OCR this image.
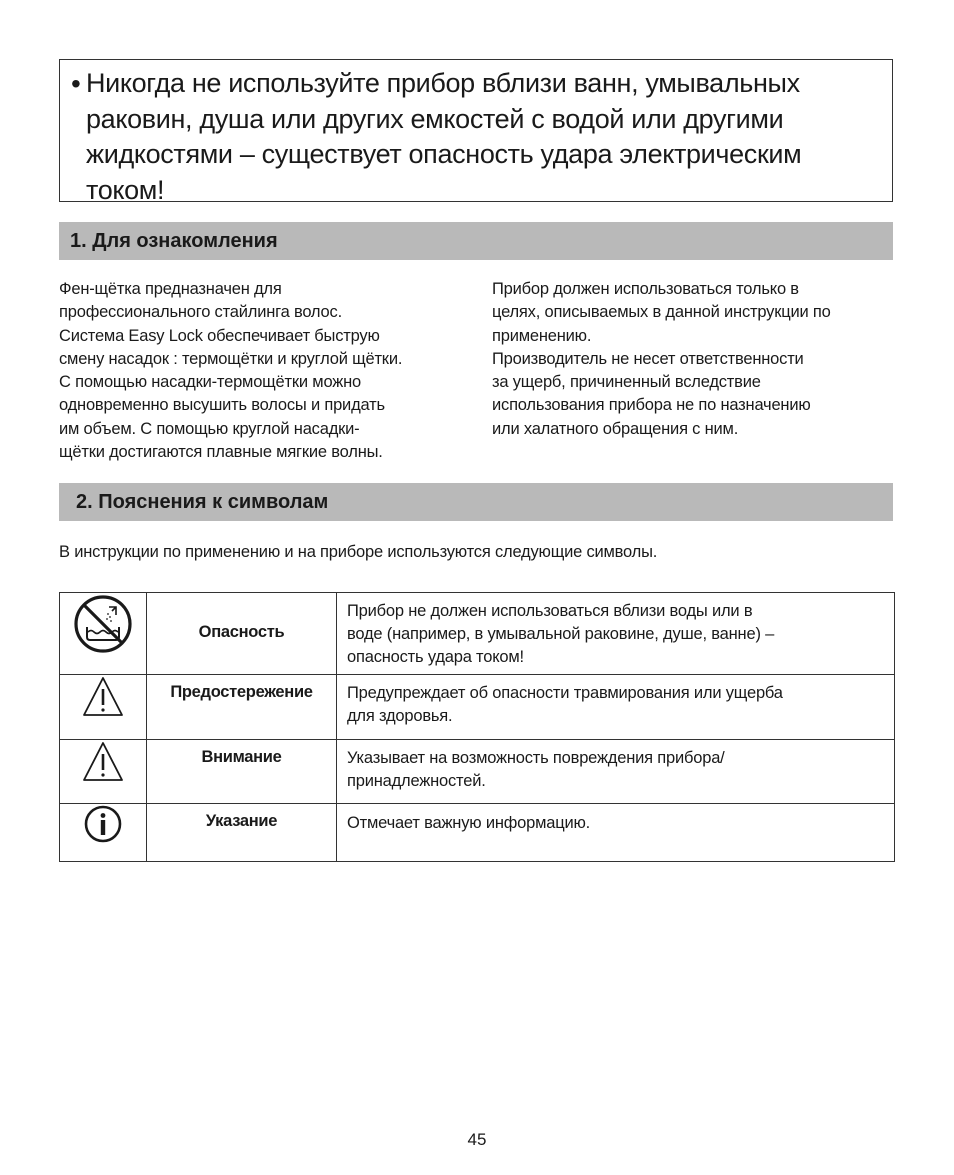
• Никогда не используйте прибор вблизи ванн, умывальных раковин, душа или других емкостей с водой или другими жидкостями – существует опасность удара электрическим током!
1. Для ознакомления
Фен-щётка предназначен для
профессионального стайлинга волос.
Система Easy Lock обеспечивает быструю
смену насадок : термощётки и круглой щётки.
С помощью насадки-термощётки можно
одновременно высушить волосы и придать
им объем. С помощью круглой насадки-
щётки достигаются плавные мягкие волны.
Прибор должен использоваться только в
целях, описываемых в данной инструкции по
применению.
Производитель не несет ответственности
за ущерб, причиненный вследствие
использования прибора не по назначению
или халатного обращения с ним.
2. Пояснения к символам
В инструкции по применению и на приборе используются следующие символы.

Опасность	Прибор не должен использоваться вблизи воды или в
воде (например, в умывальной раковине, душе, ванне) –
опасность удара током!

Предостережение	Предупреждает об опасности травмирования или ущерба
для здоровья.

Внимание	Указывает на возможность повреждения прибора/
принадлежностей.

Указание	Отмечает важную информацию.
45
